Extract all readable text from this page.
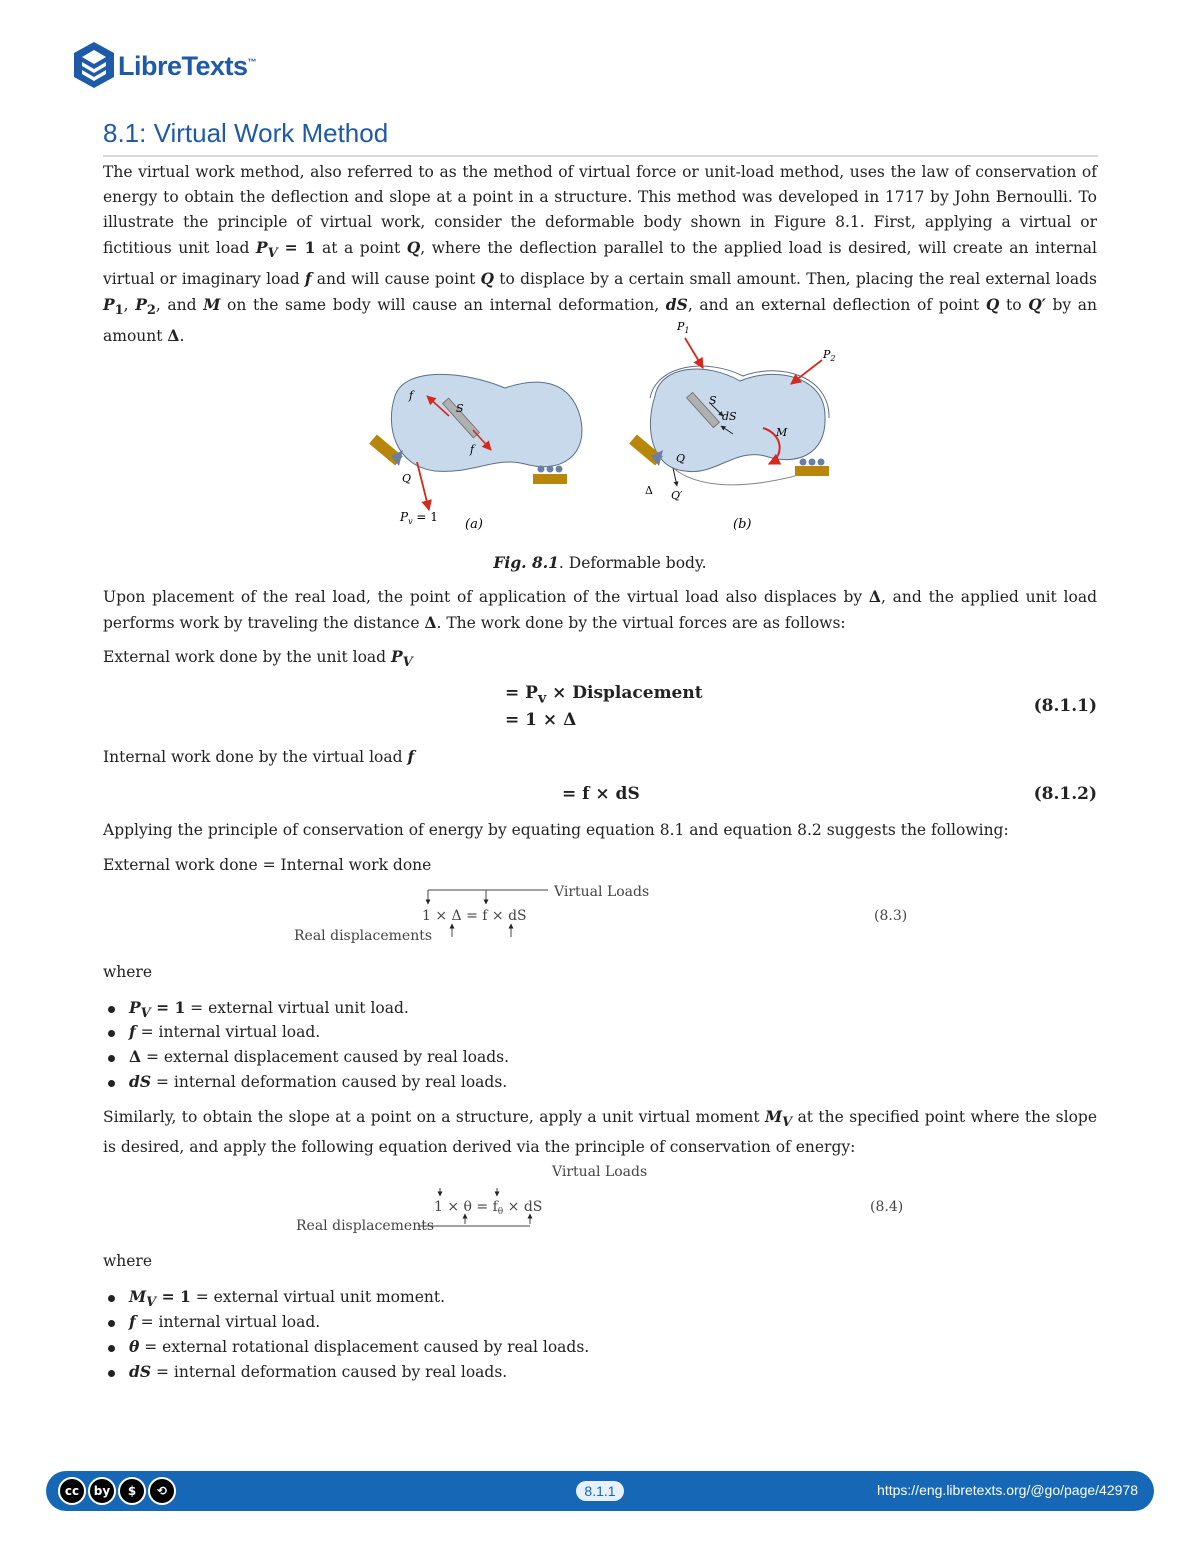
LibreTexts™
8.1: Virtual Work Method

The virtual work method, also referred to as the method of virtual force or unit-load method, uses the law of conservation of energy to obtain the deflection and slope at a point in a structure. This method was developed in 1717 by John Bernoulli. To illustrate the principle of virtual work, consider the deformable body shown in Figure 8.1. First, applying a virtual or fictitious unit load $P_V = 1$ at a point Q, where the deflection parallel to the applied load is desired, will create an internal virtual or imaginary load f and will cause point Q to displace by a certain small amount. Then, placing the real external loads $P_1$, $P_2$, and M on the same body will cause an internal deformation, dS, and an external deflection of point Q to Q′ by an amount Δ.

f
f
S
Q
$P_v = 1$ (a)
$P_1$
$P_2$
S
dS
M
Q
Q′
Δ
(b)
Fig. 8.1. Deformable body.

Upon placement of the real load, the point of application of the virtual load also displaces by Δ, and the applied unit load performs work by traveling the distance Δ. The work done by the virtual forces are as follows:

External work done by the unit load $P_V$

= $P_v$ × Displacement
= 1 × Δ
(8.1.1)

Internal work done by the virtual load f

= f × dS	(8.1.2)

Applying the principle of conservation of energy by equating equation 8.1 and equation 8.2 suggests the following:

External work done = Internal work done

Virtual Loads
1 × Δ = f × dS
Real displacements
(8.3)

where

$P_V = 1$ = external virtual unit load.
f = internal virtual load.
Δ = external displacement caused by real loads.
dS = internal deformation caused by real loads.

Similarly, to obtain the slope at a point on a structure, apply a unit virtual moment $M_V$ at the specified point where the slope is desired, and apply the following equation derived via the principle of conservation of energy:

Virtual Loads
$1 \times \theta = f_\theta$ × dS
Real displacements
(8.4)

where

$M_V = 1$ = external virtual unit moment.
f = internal virtual load.
θ = external rotational displacement caused by real loads.
dS = internal deformation caused by real loads.
cc	by	$	⟲	8.1.1	https://eng.libretexts.org/@go/page/42978
